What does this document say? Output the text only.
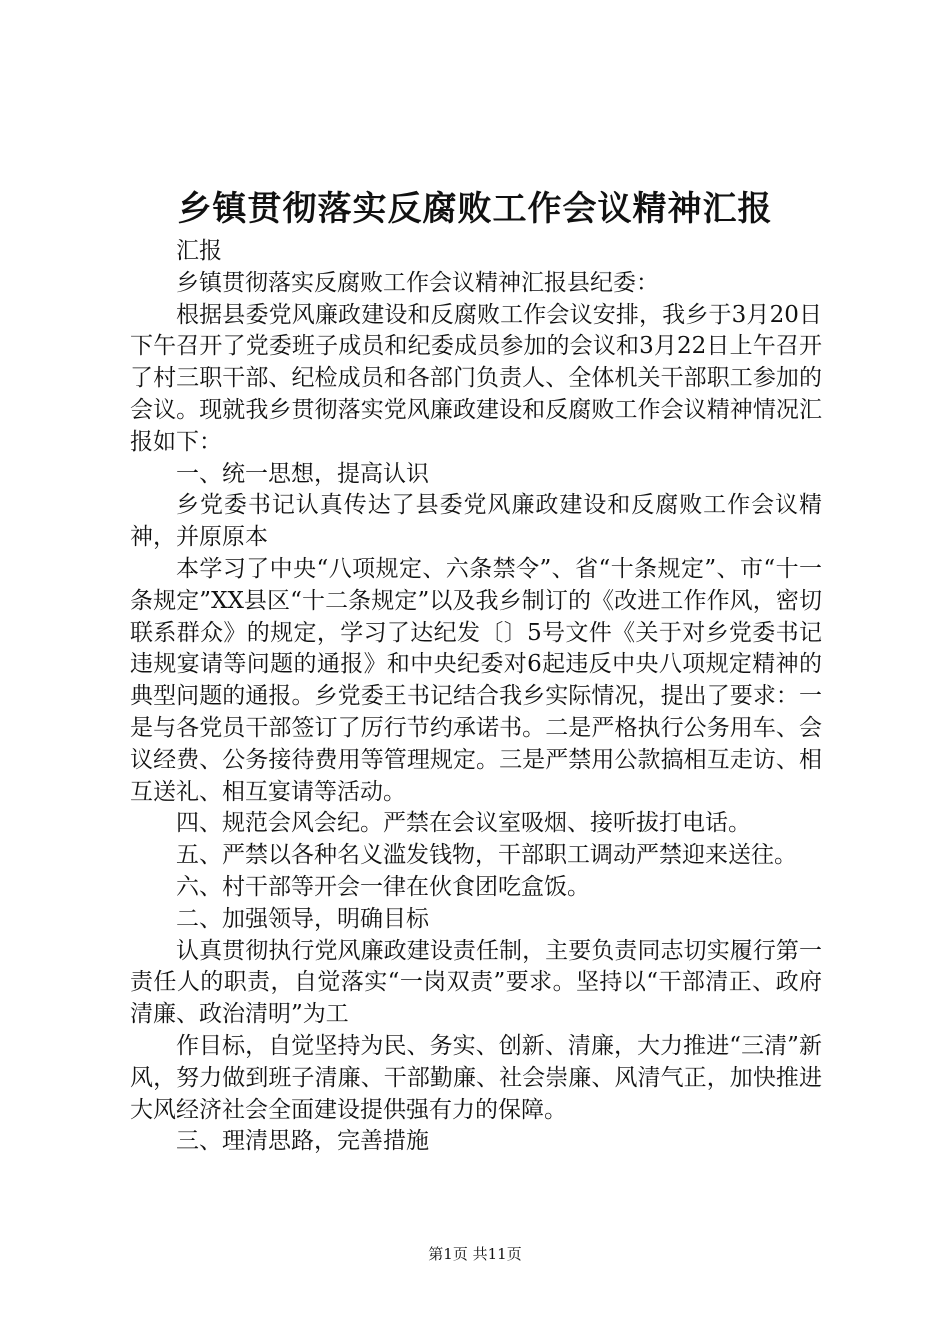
乡镇贯彻落实反腐败工作会议精神汇报

汇报

乡镇贯彻落实反腐败工作会议精神汇报县纪委：

根据县委党风廉政建设和反腐败工作会议安排，我乡于3月20日下午召开了党委班子成员和纪委成员参加的会议和3月22日上午召开了村三职干部、纪检成员和各部门负责人、全体机关干部职工参加的会议。现就我乡贯彻落实党风廉政建设和反腐败工作会议精神情况汇报如下：

一、统一思想，提高认识

乡党委书记认真传达了县委党风廉政建设和反腐败工作会议精神，并原原本

本学习了中央“八项规定、六条禁令”、省“十条规定”、市“十一条规定”XX县区“十二条规定”以及我乡制订的《改进工作作风，密切联系群众》的规定，学习了达纪发〔〕5号文件《关于对乡党委书记违规宴请等问题的通报》和中央纪委对6起违反中央八项规定精神的典型问题的通报。乡党委王书记结合我乡实际情况，提出了要求：一是与各党员干部签订了厉行节约承诺书。二是严格执行公务用车、会议经费、公务接待费用等管理规定。三是严禁用公款搞相互走访、相互送礼、相互宴请等活动。

四、规范会风会纪。严禁在会议室吸烟、接听拔打电话。

五、严禁以各种名义滥发钱物，干部职工调动严禁迎来送往。

六、村干部等开会一律在伙食团吃盒饭。

二、加强领导，明确目标

认真贯彻执行党风廉政建设责任制，主要负责同志切实履行第一责任人的职责，自觉落实“一岗双责”要求。坚持以“干部清正、政府清廉、政治清明”为工

作目标，自觉坚持为民、务实、创新、清廉，大力推进“三清”新风，努力做到班子清廉、干部勤廉、社会崇廉、风清气正，加快推进大风经济社会全面建设提供强有力的保障。

三、理清思路，完善措施

第1页 共11页
